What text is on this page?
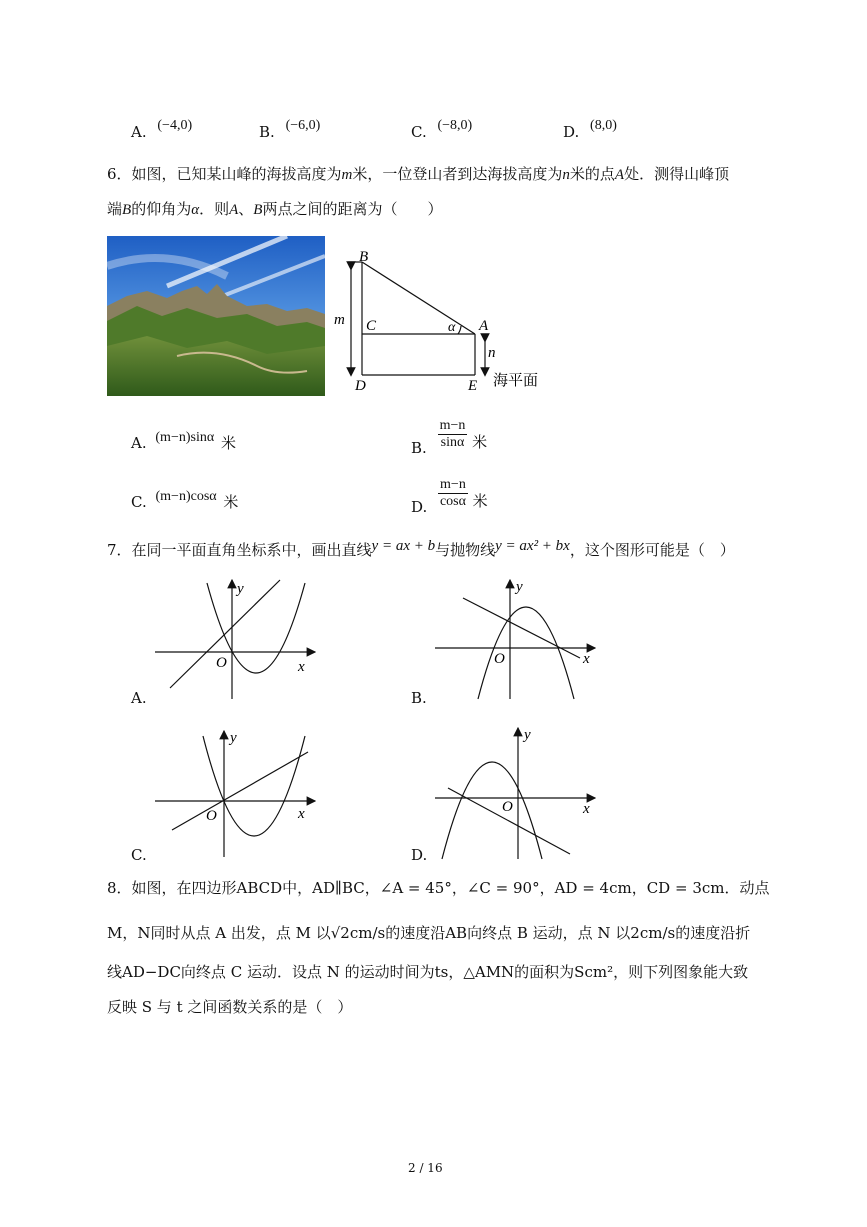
A. (−4,0)	B. (−6,0)	C. (−8,0)	D. (8,0)
6．如图，已知某山峰的海拔高度为m米，一位登山者到达海拔高度为n米的点A处．测得山峰顶
端B的仰角为α．则A、B两点之间的距离为（　　）
B
C	A
α
D	E
m
n
海平面
A. (m−n)sinα 米	B. $\frac{m-n}{\sin\alpha}$ 米
C. (m−n)cosα 米	D. $\frac{m-n}{\cos\alpha}$ 米
7．在同一平面直角坐标系中，画出直线y = ax + b与抛物线y = ax² + bx，这个图形可能是（　）
y
x
O
A.
y
x
O
B.
y
x
O
C.
y
x
O
D.
8．如图，在四边形ABCD中，AD∥BC，∠A = 45°，∠C = 90°，AD = 4cm，CD = 3cm．动点
M，N同时从点 A 出发，点 M 以√2cm/s的速度沿AB向终点 B 运动，点 N 以2cm/s的速度沿折
线AD−DC向终点 C 运动．设点 N 的运动时间为ts，△AMN的面积为Scm²，则下列图象能大致
反映 S 与 t 之间函数关系的是（　）
2 / 16
